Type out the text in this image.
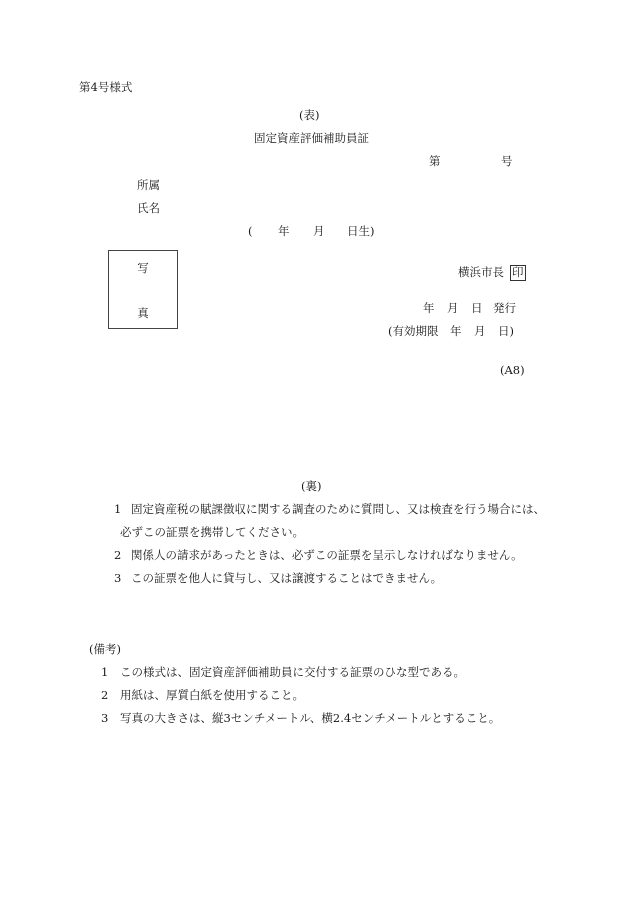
第4号様式
(表)
固定資産評価補助員証
第	号
所属
氏名
( 年 月 日生)
写
真
横浜市長 印
年 月 日 発行
(有効期限 年 月 日)
(A8)
(裏)
1 固定資産税の賦課徴収に関する調査のために質問し、又は検査を行う場合には、
必ずこの証票を携帯してください。
2 関係人の請求があったときは、必ずこの証票を呈示しなければなりません。
3 この証票を他人に貸与し、又は譲渡することはできません。
(備考)
1 この様式は、固定資産評価補助員に交付する証票のひな型である。
2 用紙は、厚質白紙を使用すること。
3 写真の大きさは、縦3センチメートル、横2.4センチメートルとすること。
